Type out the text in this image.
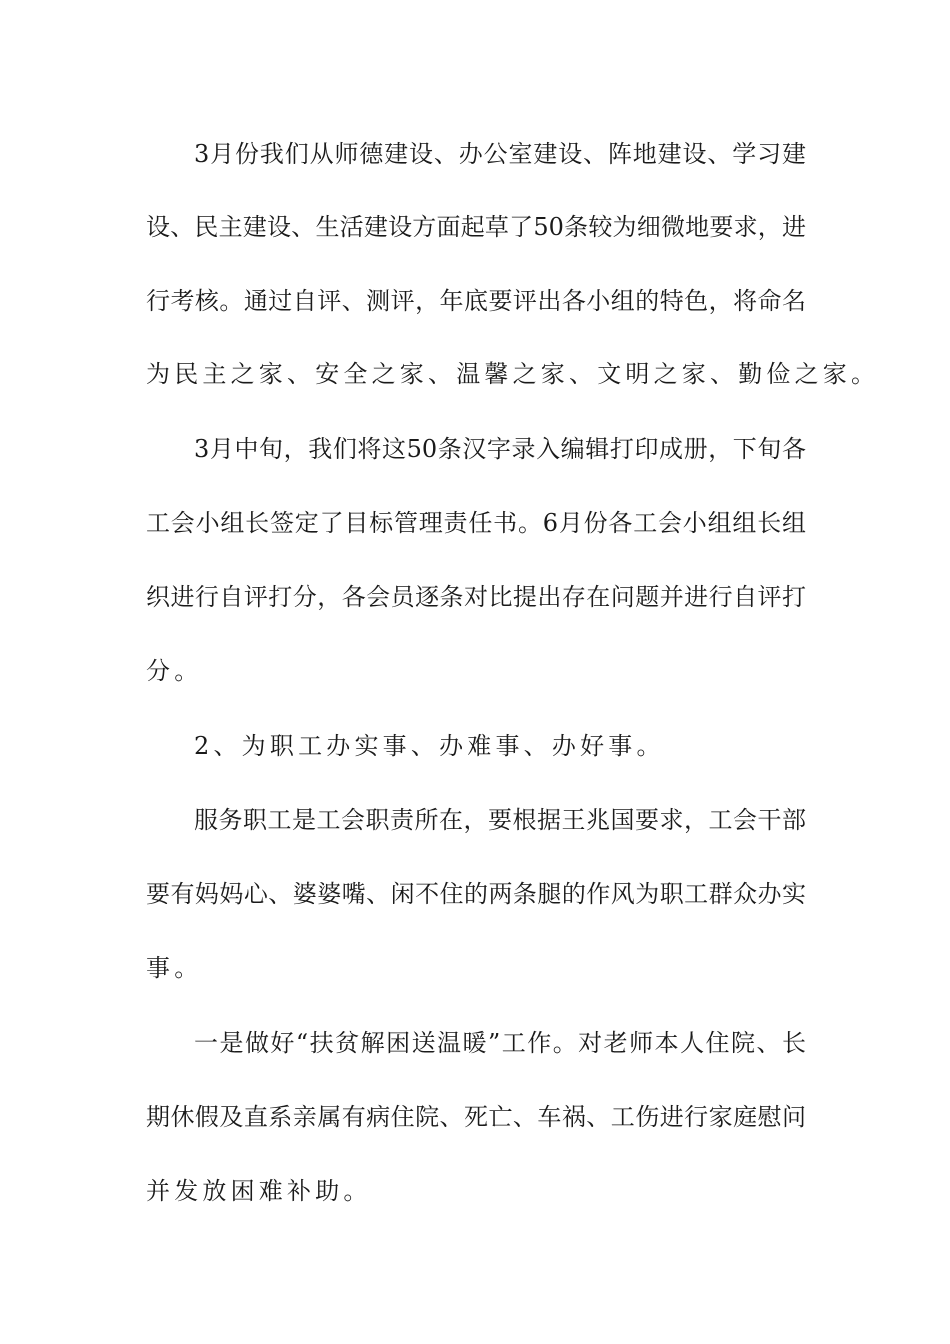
3月份我们从师德建设、办公室建设、阵地建设、学习建
设、民主建设、生活建设方面起草了50条较为细微地要求，进
行考核。通过自评、测评，年底要评出各小组的特色，将命名
为民主之家、安全之家、温馨之家、文明之家、勤俭之家。
3月中旬，我们将这50条汉字录入编辑打印成册，下旬各
工会小组长签定了目标管理责任书。6月份各工会小组组长组
织进行自评打分，各会员逐条对比提出存在问题并进行自评打
分。
2、为职工办实事、办难事、办好事。
服务职工是工会职责所在，要根据王兆国要求，工会干部
要有妈妈心、婆婆嘴、闲不住的两条腿的作风为职工群众办实
事。
一是做好“扶贫解困送温暖”工作。对老师本人住院、长
期休假及直系亲属有病住院、死亡、车祸、工伤进行家庭慰问
并发放困难补助。
